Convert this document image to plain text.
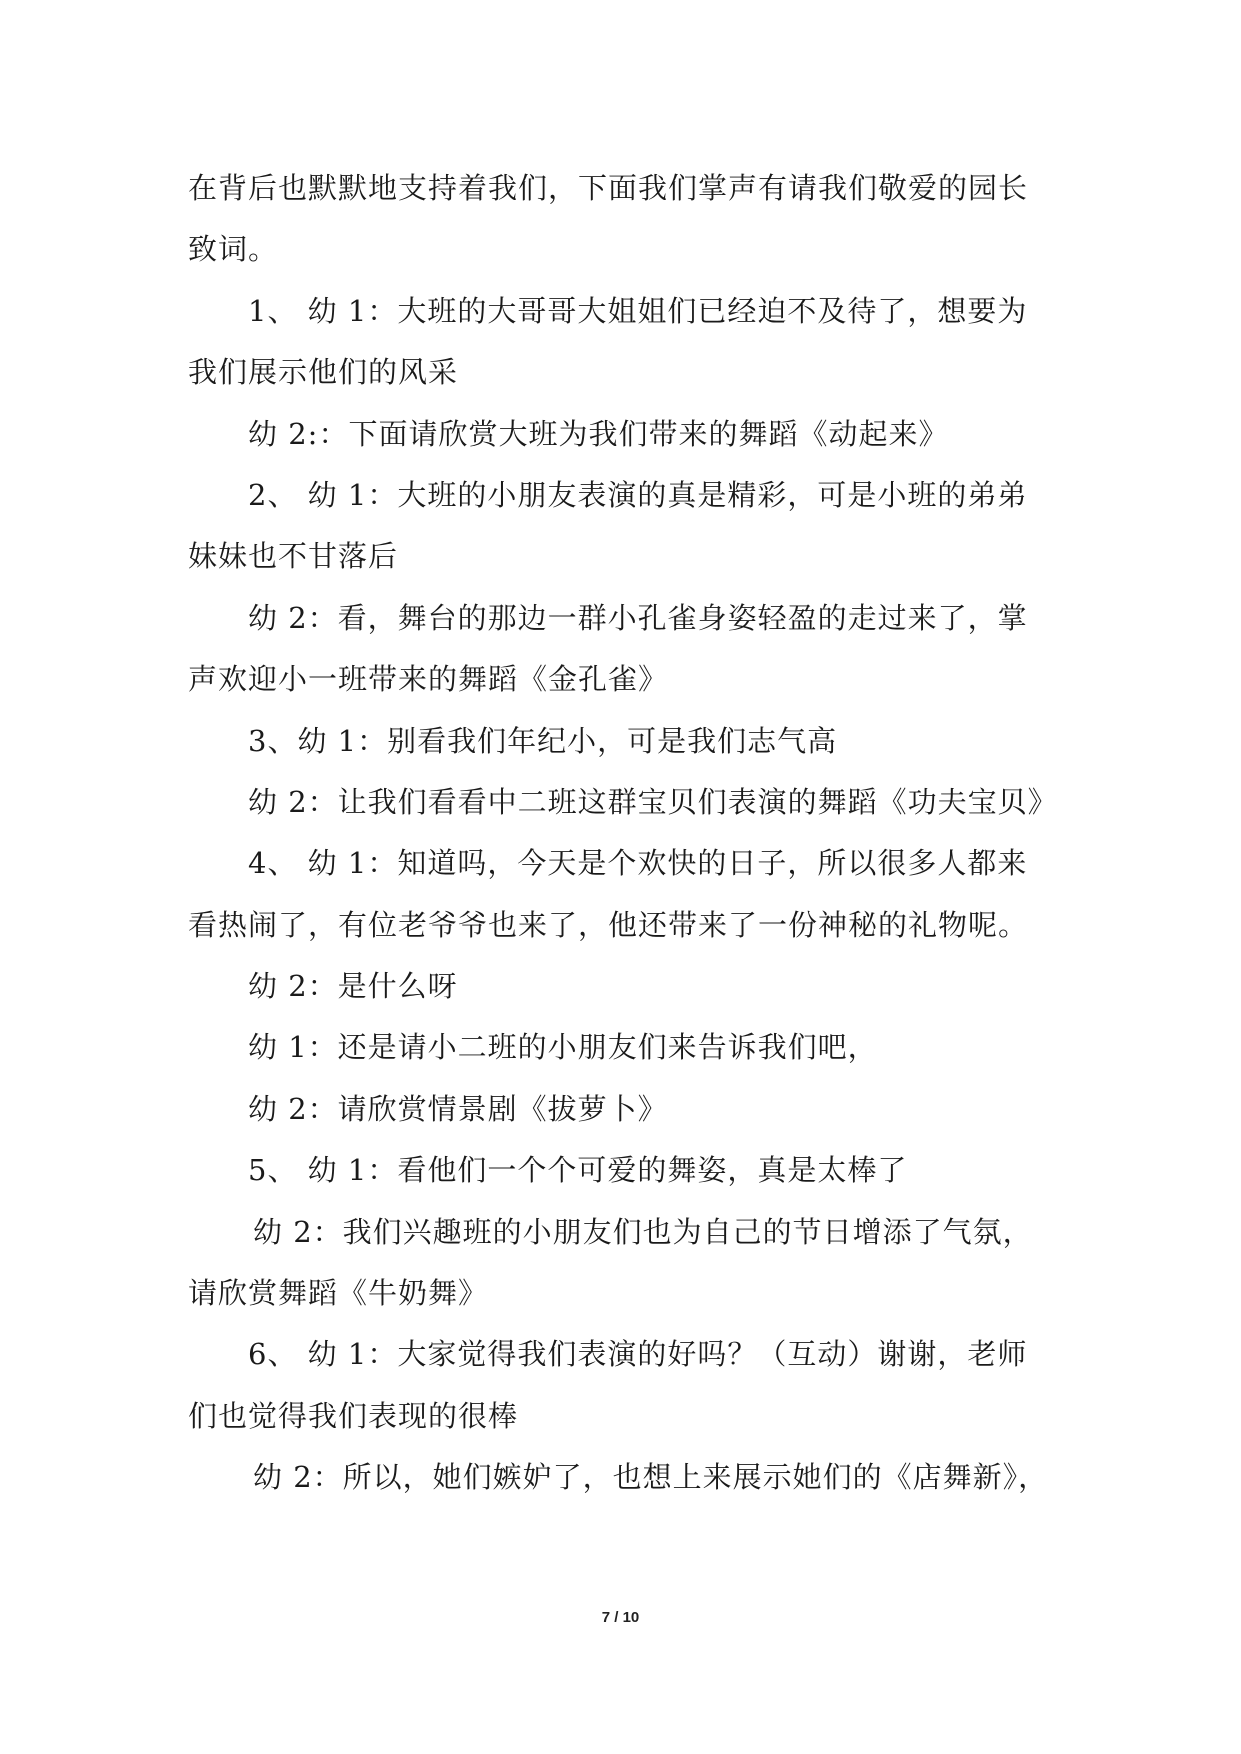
在背后也默默地支持着我们，下面我们掌声有请我们敬爱的园长
致词。
1、 幼 1：大班的大哥哥大姐姐们已经迫不及待了，想要为
我们展示他们的风采
幼 2:：下面请欣赏大班为我们带来的舞蹈《动起来》
2、 幼 1：大班的小朋友表演的真是精彩，可是小班的弟弟
妹妹也不甘落后
幼 2：看，舞台的那边一群小孔雀身姿轻盈的走过来了，掌
声欢迎小一班带来的舞蹈《金孔雀》
3、幼 1：别看我们年纪小，可是我们志气高
幼 2：让我们看看中二班这群宝贝们表演的舞蹈《功夫宝贝》
4、 幼 1：知道吗，今天是个欢快的日子，所以很多人都来
看热闹了，有位老爷爷也来了，他还带来了一份神秘的礼物呢。
幼 2：是什么呀
幼 1：还是请小二班的小朋友们来告诉我们吧，
幼 2：请欣赏情景剧《拔萝卜》
5、 幼 1：看他们一个个可爱的舞姿，真是太棒了
幼 2：我们兴趣班的小朋友们也为自己的节日增添了气氛，
请欣赏舞蹈《牛奶舞》
6、 幼 1：大家觉得我们表演的好吗？（互动）谢谢，老师
们也觉得我们表现的很棒
幼 2：所以，她们嫉妒了，也想上来展示她们的《店舞新》，
7 / 10
